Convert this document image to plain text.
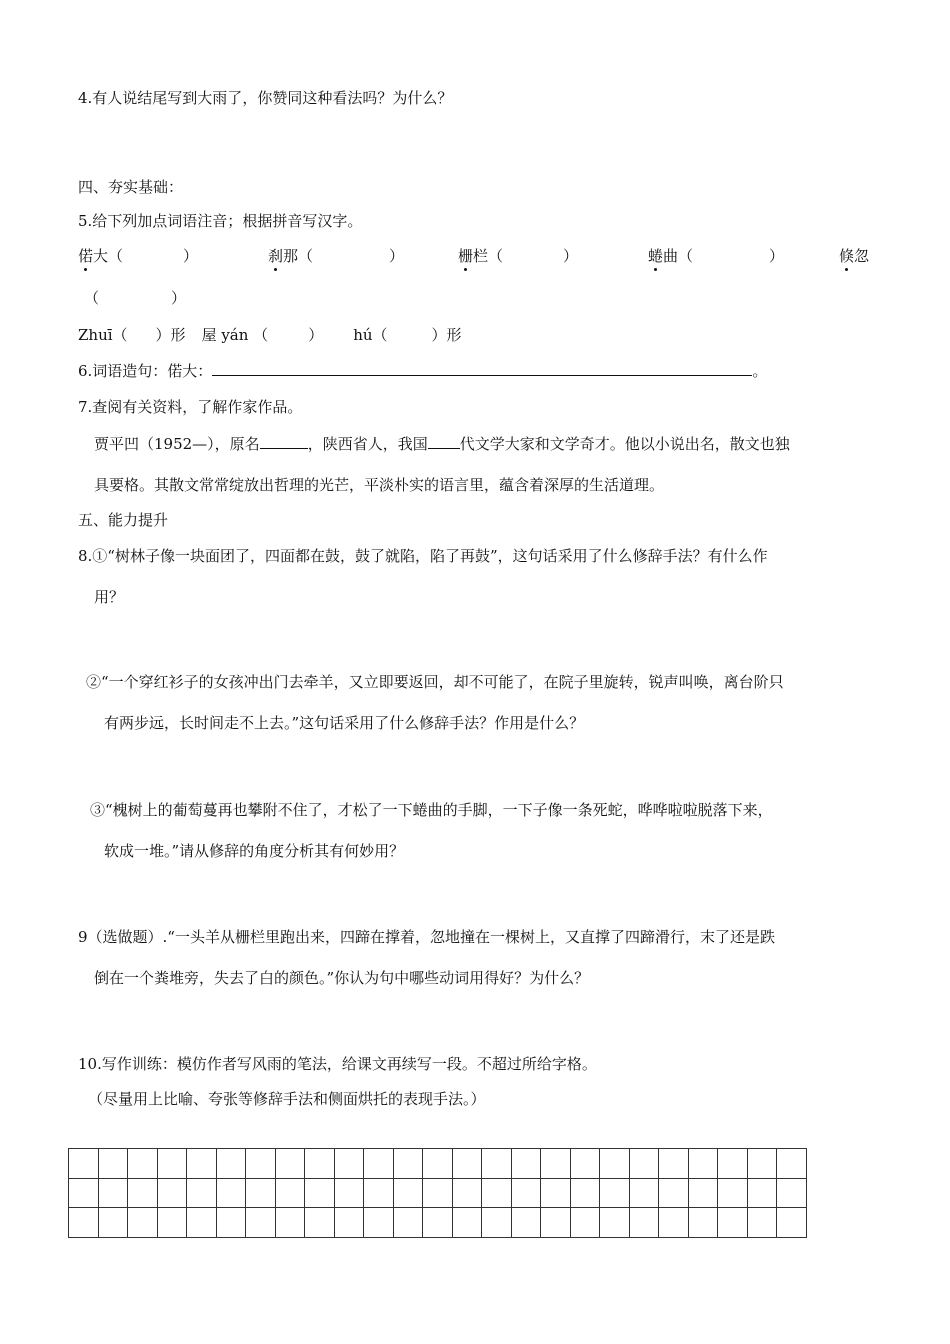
4.有人说结尾写到大雨了，你赞同这种看法吗？为什么？
四、夯实基础：
5.给下列加点词语注音；根据拼音写汉字。
偌大（	）	刹那（	）	栅栏（	）	蜷曲（	）	倏忽
（	）
Zhuī（ ）形 屋 yán （	） hú（	）形
6.词语造句：偌大：	。
7.查阅有关资料，了解作家作品。
贾平凹（1952—），原名	，陕西省人，我国 代文学大家和文学奇才。他以小说出名，散文也独
具要格。其散文常常绽放出哲理的光芒，平淡朴实的语言里，蕴含着深厚的生活道理。
五、能力提升
8.①“树林子像一块面团了，四面都在鼓，鼓了就陷，陷了再鼓”，这句话采用了什么修辞手法？有什么作
用？
②“一个穿红衫子的女孩冲出门去牵羊，又立即要返回，却不可能了，在院子里旋转，锐声叫唤，离台阶只
有两步远，长时间走不上去。”这句话采用了什么修辞手法？作用是什么？
③“槐树上的葡萄蔓再也攀附不住了，才松了一下蜷曲的手脚，一下子像一条死蛇，哗哗啦啦脱落下来，
软成一堆。”请从修辞的角度分析其有何妙用？
9（选做题）.“一头羊从栅栏里跑出来，四蹄在撑着，忽地撞在一棵树上，又直撑了四蹄滑行，末了还是跌
倒在一个粪堆旁，失去了白的颜色。”你认为句中哪些动词用得好？为什么？
10.写作训练：模仿作者写风雨的笔法，给课文再续写一段。不超过所给字格。
（尽量用上比喻、夸张等修辞手法和侧面烘托的表现手法。）
